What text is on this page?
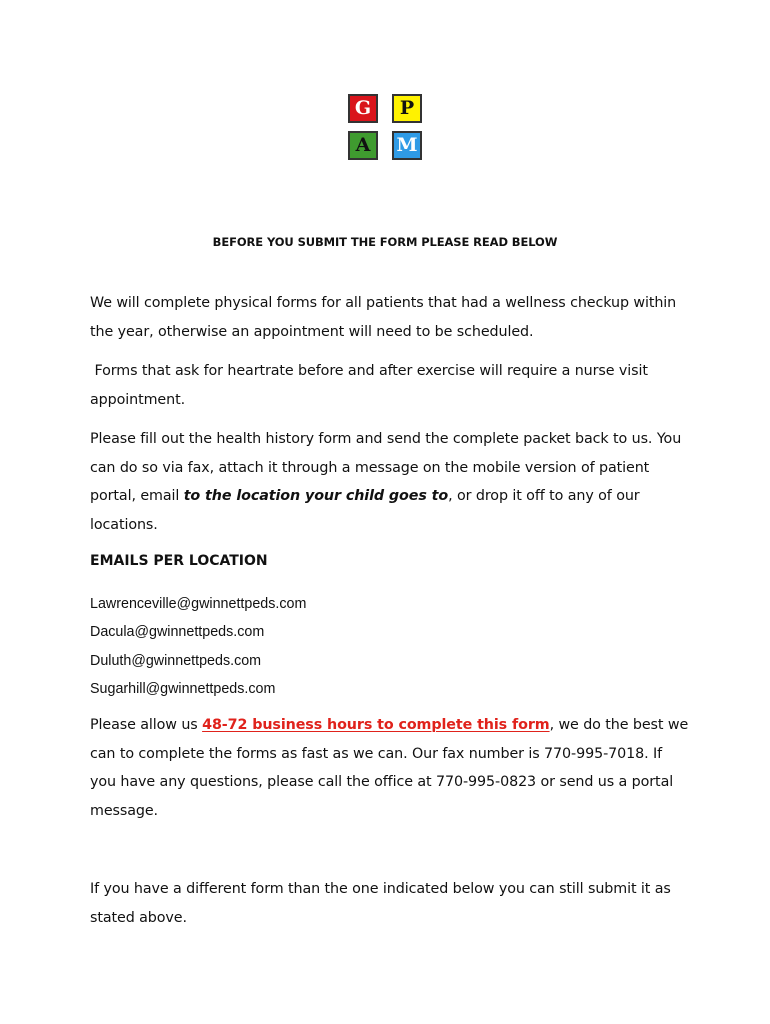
G	P
A	M
BEFORE YOU SUBMIT THE FORM PLEASE READ BELOW
We will complete physical forms for all patients that had a wellness checkup within the year, otherwise an appointment will need to be scheduled.
Forms that ask for heartrate before and after exercise will require a nurse visit appointment.
Please fill out the health history form and send the complete packet back to us. You can do so via fax, attach it through a message on the mobile version of patient portal, email to the location your child goes to, or drop it off to any of our locations.
EMAILS PER LOCATION
Lawrenceville@gwinnettpeds.com
Dacula@gwinnettpeds.com
Duluth@gwinnettpeds.com
Sugarhill@gwinnettpeds.com
Please allow us 48-72 business hours to complete this form, we do the best we can to complete the forms as fast as we can. Our fax number is 770-995-7018. If you have any questions, please call the office at 770-995-0823 or send us a portal message.
If you have a different form than the one indicated below you can still submit it as stated above.
